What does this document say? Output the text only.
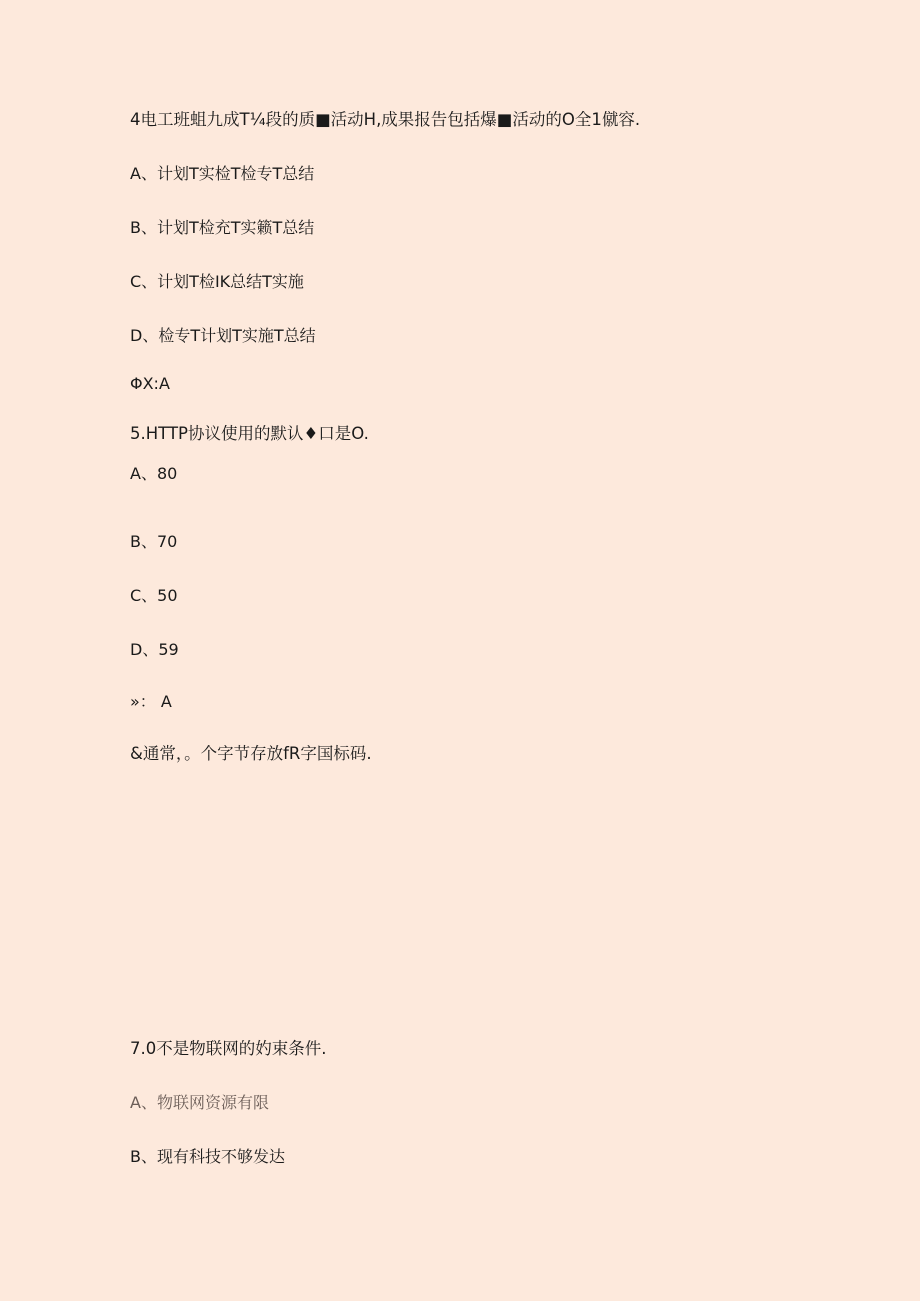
4电工班蛆九成T¼段的质■活动H,成果报告包括爆■活动的O全1僦容.
A、计划T实检T检专T总结
B、计划T检充T实籁T总结
C、计划T检IK总结T实施
D、检专T计划T实施T总结
ΦX:A
5.HTTP协议使用的默认♦口是O.
A、80
B、70
C、50
D、59
»： A
&通常，。个字节存放fR字国标码.
7.0不是物联网的妁束条件.
A、物联网资源有限
B、现有科技不够发达
